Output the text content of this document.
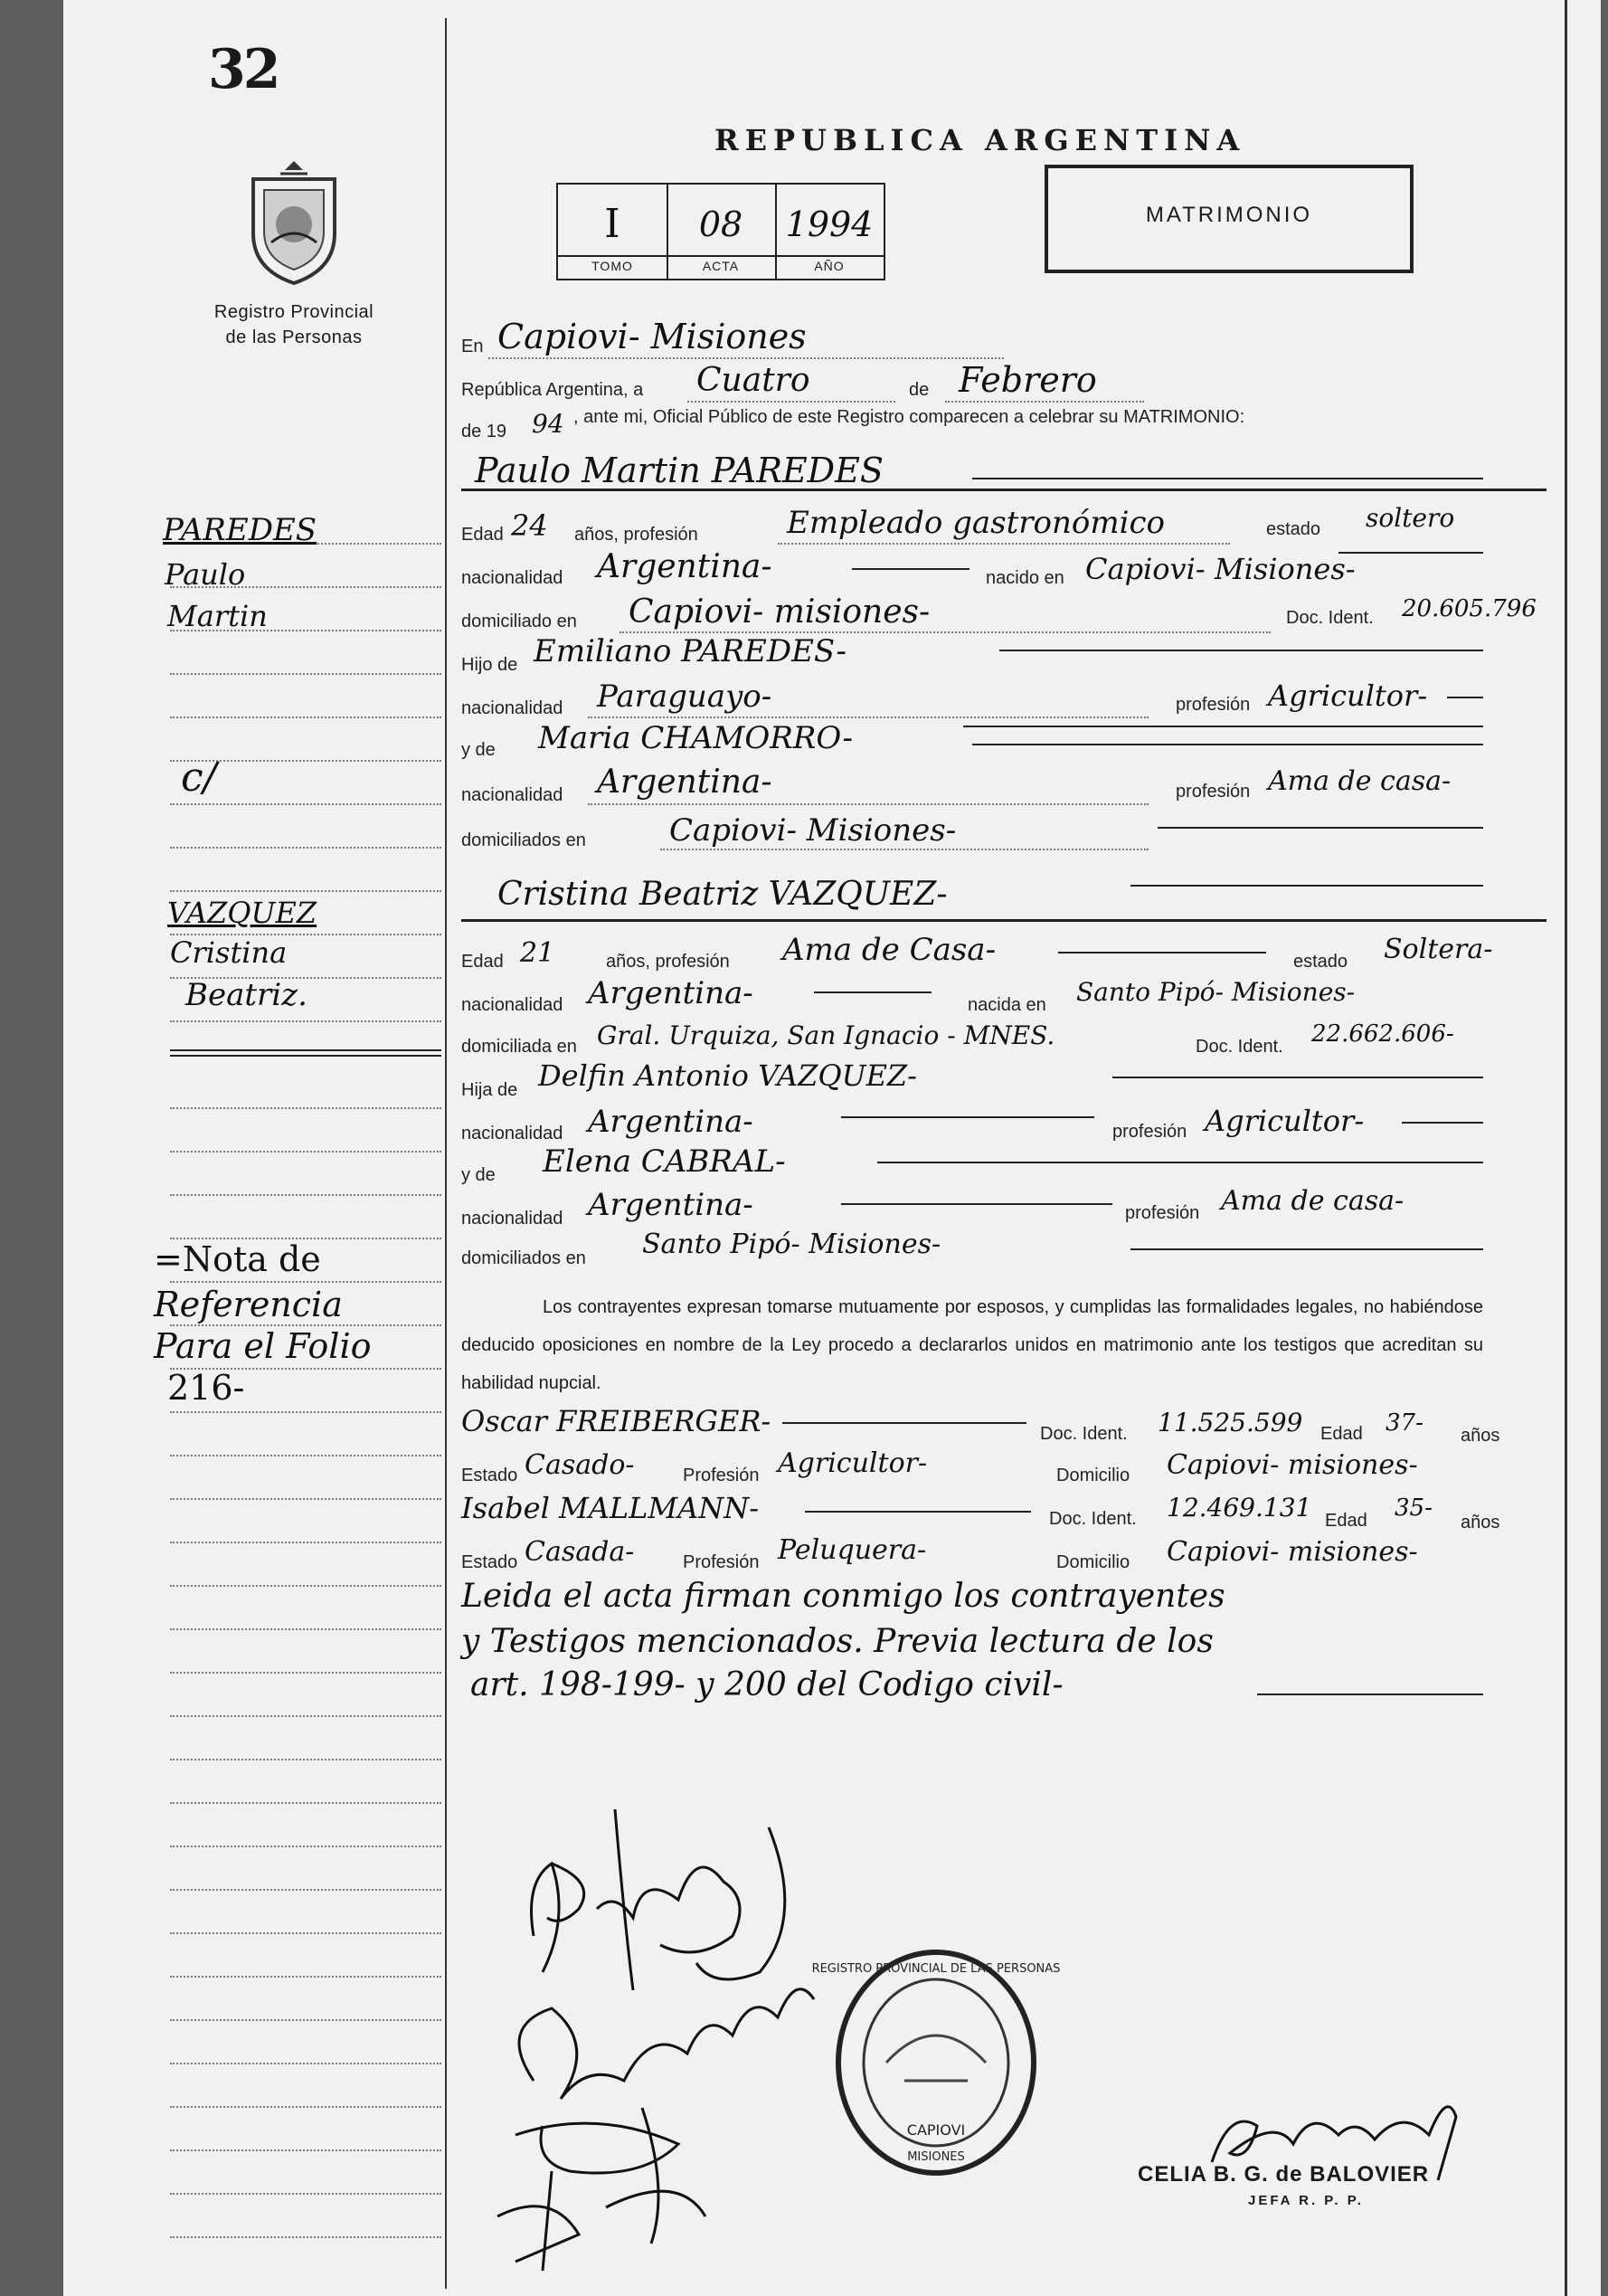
32
Registro Provincial
de las Personas
REPUBLICA ARGENTINA
I	08	1994
TOMO	ACTA	AÑO
MATRIMONIO
En Capiovi- Misiones
República Argentina, a Cuatro	de Febrero
de 19 94 , ante mi, Oficial Público de este Registro comparecen a celebrar su MATRIMONIO:
Paulo Martin PAREDES
Edad 24 años, profesión	Empleado gastronómico	estado soltero
nacionalidad Argentina-	nacido en Capiovi- Misiones-
domiciliado en Capiovi- misiones-	Doc. Ident. 20.605.796
Hijo de Emiliano PAREDES-
nacionalidad Paraguayo-	profesión Agricultor-
y de Maria CHAMORRO-
nacionalidad Argentina-	profesión Ama de casa-
domiciliados en	Capiovi- Misiones-
Cristina Beatriz VAZQUEZ-
Edad 21	años, profesión Ama de Casa-	estado Soltera-
nacionalidad Argentina-	nacida en Santo Pipó- Misiones-
domiciliada en Gral. Urquiza, San Ignacio - MNES.	Doc. Ident. 22.662.606-
Hija de Delfin Antonio VAZQUEZ-
nacionalidad Argentina-	profesión Agricultor-
y de Elena CABRAL-
nacionalidad Argentina-	profesión Ama de casa-
domiciliados en Santo Pipó- Misiones-
Los contrayentes expresan tomarse mutuamente por esposos, y cumplidas las formalidades legales, no habiéndose deducido oposiciones en nombre de la Ley procedo a declararlos unidos en matrimonio ante los testigos que acreditan su habilidad nupcial.
Oscar FREIBERGER-	Doc. Ident. 11.525.599 Edad 37- años
Estado Casado-	Profesión Agricultor-	Domicilio Capiovi- misiones-
Isabel MALLMANN-	Doc. Ident. 12.469.131 Edad 35-
años
Estado Casada-	Profesión Peluquera-	Domicilio Capiovi- misiones-
Leida el acta firman conmigo los contrayentes
y Testigos mencionados. Previa lectura de los
art. 198-199- y 200 del Codigo civil-
PAREDES
Paulo
Martin
c/
VAZQUEZ
Cristina
Beatriz.
=Nota de
Referencia
Para el Folio
216-
REGISTRO PROVINCIAL DE LAS PERSONAS
CAPIOVI
MISIONES
CELIA B. G. de BALOVIER
JEFA R. P. P.
